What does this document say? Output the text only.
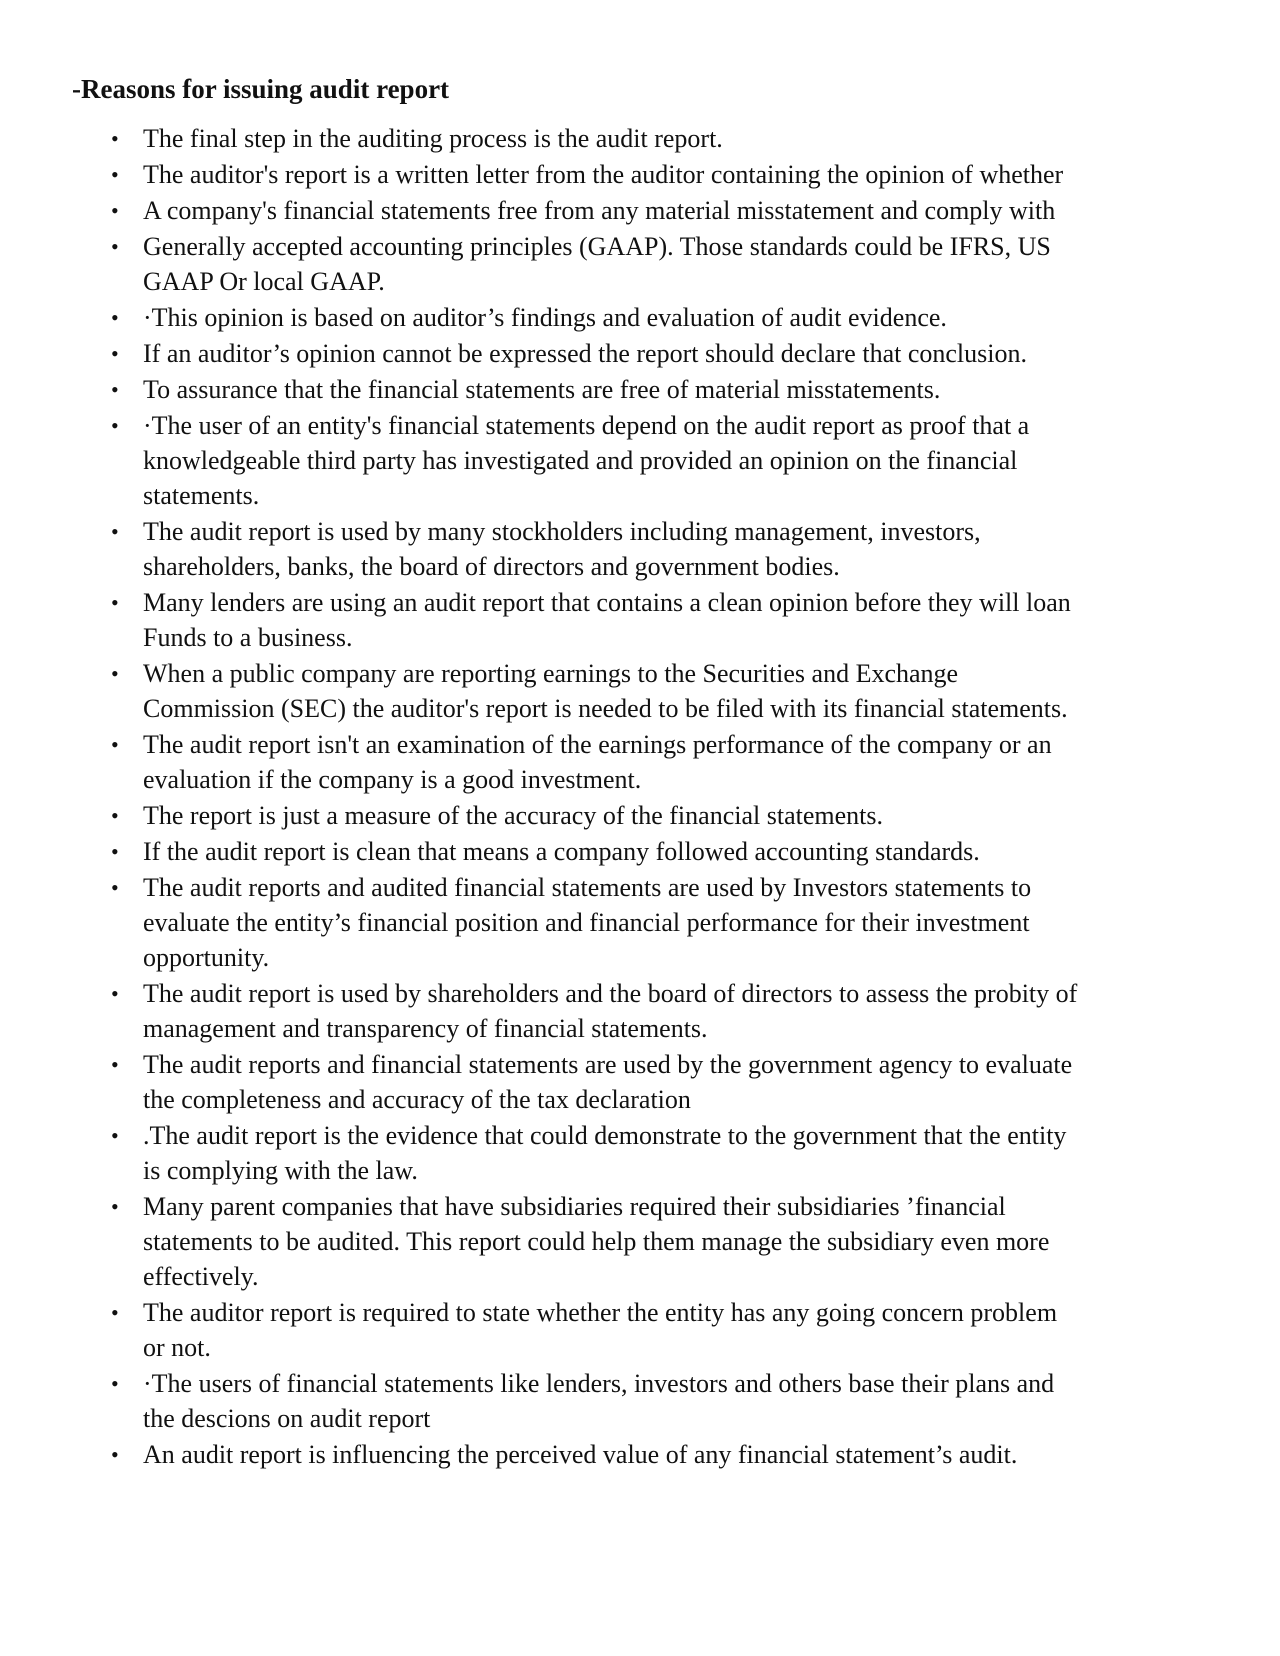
-Reasons for issuing audit report
• The final step in the auditing process is the audit report.
• The auditor's report is a written letter from the auditor containing the opinion of whether
• A company's financial statements free from any material misstatement and comply with
• Generally accepted accounting principles (GAAP). Those standards could be IFRS, US
GAAP Or local GAAP.
• ·This opinion is based on auditor’s findings and evaluation of audit evidence.
• If an auditor’s opinion cannot be expressed the report should declare that conclusion.
• To assurance that the financial statements are free of material misstatements.
• ·The user of an entity's financial statements depend on the audit report as proof that a
knowledgeable third party has investigated and provided an opinion on the financial
statements.
• The audit report is used by many stockholders including management, investors,
shareholders, banks, the board of directors and government bodies.
• Many lenders are using an audit report that contains a clean opinion before they will loan
Funds to a business.
• When a public company are reporting earnings to the Securities and Exchange
Commission (SEC) the auditor's report is needed to be filed with its financial statements.
• The audit report isn't an examination of the earnings performance of the company or an
evaluation if the company is a good investment.
• The report is just a measure of the accuracy of the financial statements.
• If the audit report is clean that means a company followed accounting standards.
• The audit reports and audited financial statements are used by Investors statements to
evaluate the entity’s financial position and financial performance for their investment
opportunity.
• The audit report is used by shareholders and the board of directors to assess the probity of
management and transparency of financial statements.
• The audit reports and financial statements are used by the government agency to evaluate
the completeness and accuracy of the tax declaration
• .The audit report is the evidence that could demonstrate to the government that the entity
is complying with the law.
• Many parent companies that have subsidiaries required their subsidiaries ’financial
statements to be audited. This report could help them manage the subsidiary even more
effectively.
• The auditor report is required to state whether the entity has any going concern problem
or not.
• ·The users of financial statements like lenders, investors and others base their plans and
the descions on audit report
• An audit report is influencing the perceived value of any financial statement’s audit.
